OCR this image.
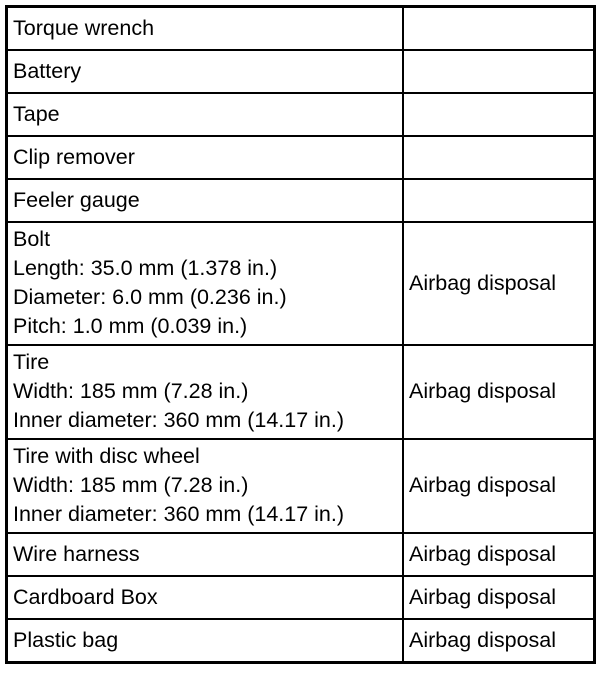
Torque wrench	

Battery	

Tape	

Clip remover	

Feeler gauge	

Bolt
Length: 35.0 mm (1.378 in.)
Diameter: 6.0 mm (0.236 in.)
Pitch: 1.0 mm (0.039 in.)	Airbag disposal

Tire
Width: 185 mm (7.28 in.)
Inner diameter: 360 mm (14.17 in.)	Airbag disposal

Tire with disc wheel
Width: 185 mm (7.28 in.)
Inner diameter: 360 mm (14.17 in.)	Airbag disposal

Wire harness	Airbag disposal

Cardboard Box	Airbag disposal

Plastic bag	Airbag disposal
